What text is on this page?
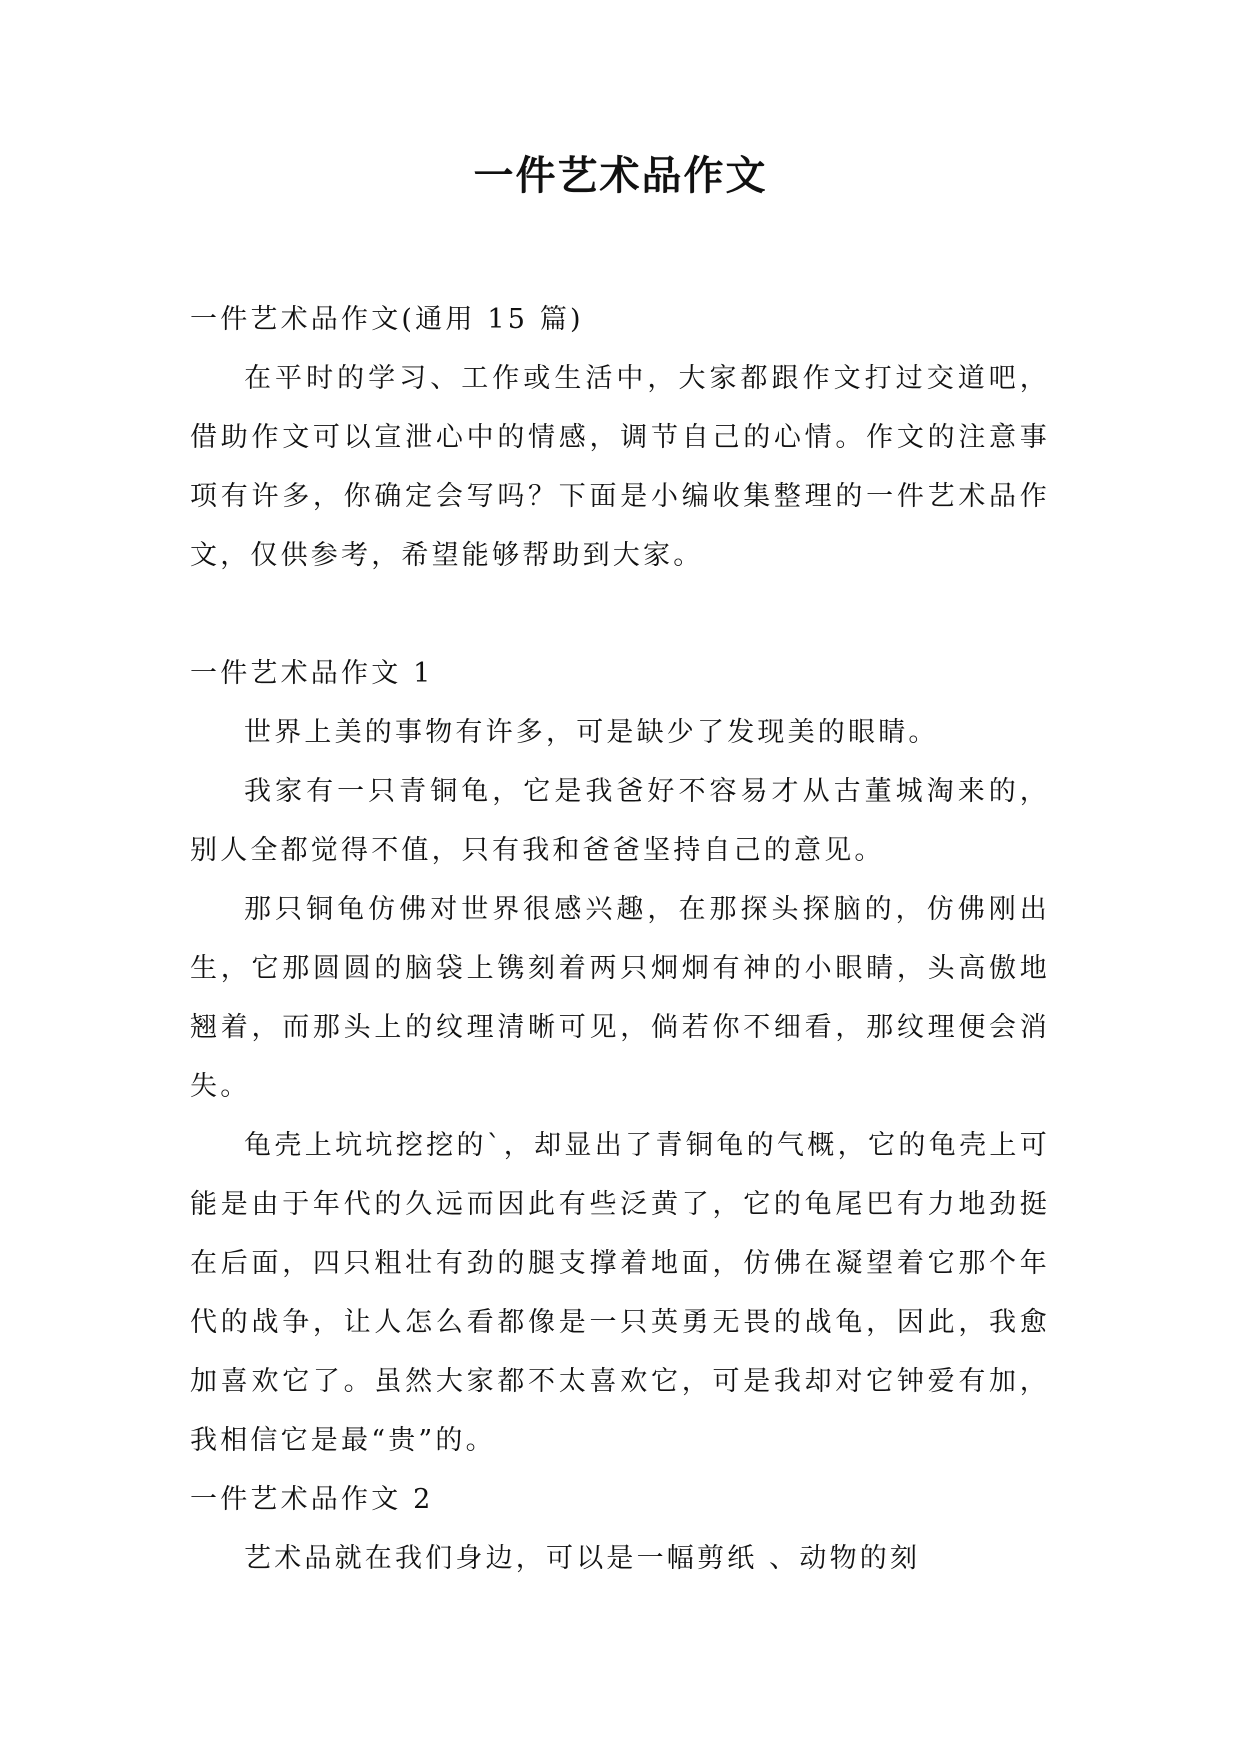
一件艺术品作文

一件艺术品作文(通用 15 篇)

在平时的学习、工作或生活中，大家都跟作文打过交道吧，借助作文可以宣泄心中的情感，调节自己的心情。作文的注意事项有许多，你确定会写吗？下面是小编收集整理的一件艺术品作文，仅供参考，希望能够帮助到大家。

一件艺术品作文 1

世界上美的事物有许多，可是缺少了发现美的眼睛。

我家有一只青铜龟，它是我爸好不容易才从古董城淘来的，别人全都觉得不值，只有我和爸爸坚持自己的意见。

那只铜龟仿佛对世界很感兴趣，在那探头探脑的，仿佛刚出生，它那圆圆的脑袋上镌刻着两只炯炯有神的小眼睛，头高傲地翘着，而那头上的纹理清晰可见，倘若你不细看，那纹理便会消失。

龟壳上坑坑挖挖的`，却显出了青铜龟的气概，它的龟壳上可能是由于年代的久远而因此有些泛黄了，它的龟尾巴有力地劲挺在后面，四只粗壮有劲的腿支撑着地面，仿佛在凝望着它那个年代的战争，让人怎么看都像是一只英勇无畏的战龟，因此，我愈加喜欢它了。虽然大家都不太喜欢它，可是我却对它钟爱有加，我相信它是最“贵”的。

一件艺术品作文 2

艺术品就在我们身边，可以是一幅剪纸 、动物的刻
